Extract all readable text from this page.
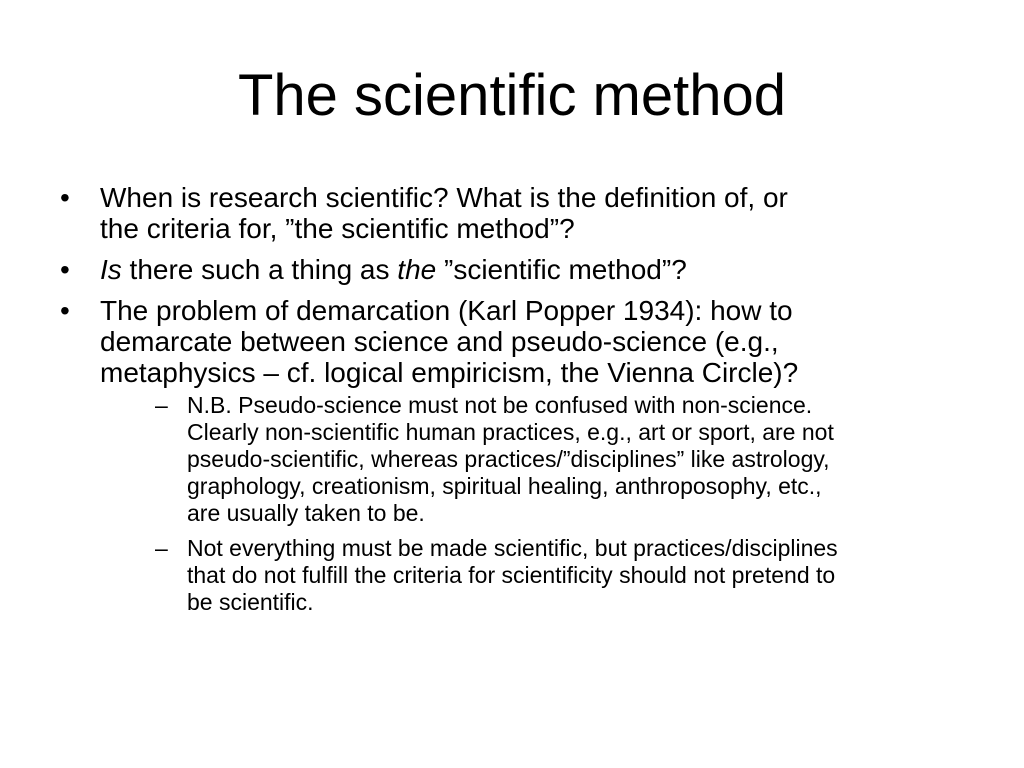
The scientific method
• When is research scientific? What is the definition of, or
the criteria for, ”the scientific method”?
• Is there such a thing as the ”scientific method”?
• The problem of demarcation (Karl Popper 1934): how to
demarcate between science and pseudo-science (e.g.,
metaphysics – cf. logical empiricism, the Vienna Circle)?
– N.B. Pseudo-science must not be confused with non-science.
Clearly non-scientific human practices, e.g., art or sport, are not
pseudo-scientific, whereas practices/”disciplines” like astrology,
graphology, creationism, spiritual healing, anthroposophy, etc.,
are usually taken to be.
– Not everything must be made scientific, but practices/disciplines
that do not fulfill the criteria for scientificity should not pretend to
be scientific.
